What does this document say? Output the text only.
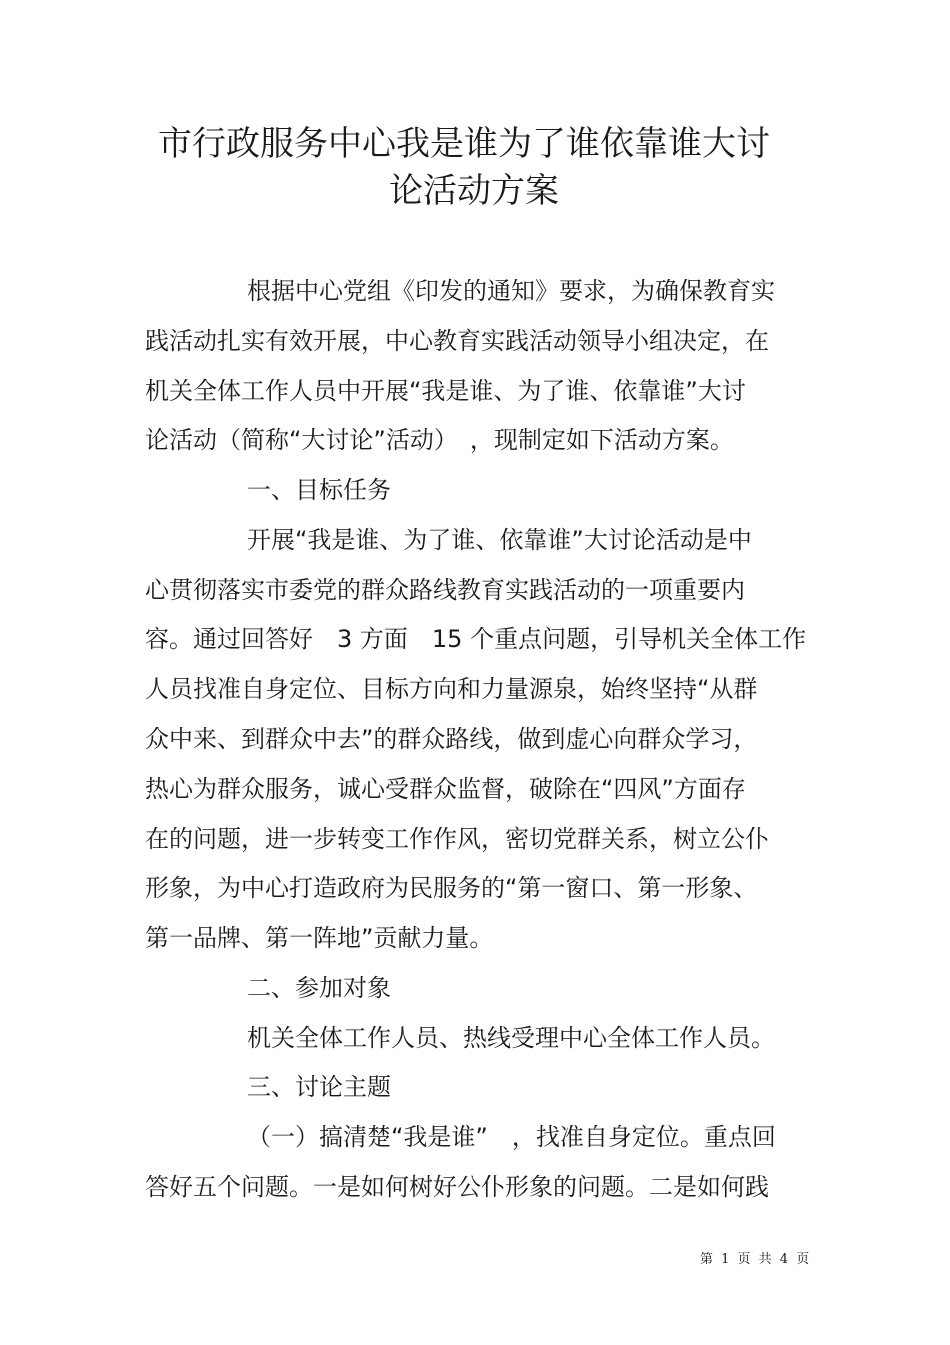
市行政服务中心我是谁为了谁依靠谁大讨
论活动方案
根据中心党组《印发的通知》要求，为确保教育实
践活动扎实有效开展，中心教育实践活动领导小组决定，在
机关全体工作人员中开展“我是谁、为了谁、依靠谁”大讨
论活动（简称“大讨论”活动）　，现制定如下活动方案。
一、目标任务
开展“我是谁、为了谁、依靠谁”大讨论活动是中
心贯彻落实市委党的群众路线教育实践活动的一项重要内
容。通过回答好　3 方面　15 个重点问题，引导机关全体工作
人员找准自身定位、目标方向和力量源泉，始终坚持“从群
众中来、到群众中去”的群众路线，做到虚心向群众学习，
热心为群众服务，诚心受群众监督，破除在“四风”方面存
在的问题，进一步转变工作作风，密切党群关系，树立公仆
形象，为中心打造政府为民服务的“第一窗口、第一形象、
第一品牌、第一阵地”贡献力量。
二、参加对象
机关全体工作人员、热线受理中心全体工作人员。
三、讨论主题
（一）搞清楚“我是谁”　，找准自身定位。重点回
答好五个问题。一是如何树好公仆形象的问题。二是如何践
第 1 页 共 4 页
